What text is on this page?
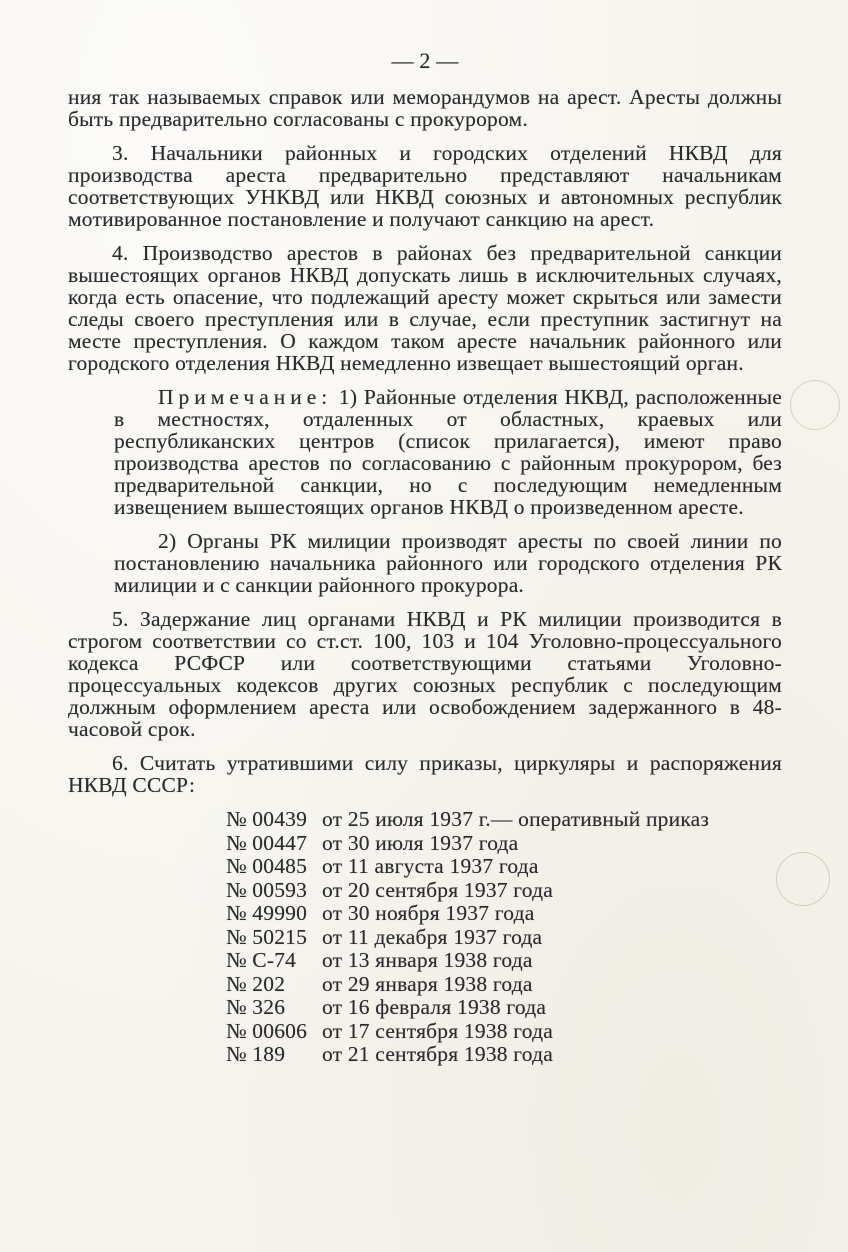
— 2 —

ния так называемых справок или меморандумов на арест. Аресты должны быть предварительно согласованы с прокурором.

3. Начальники районных и городских отделений НКВД для производства ареста предварительно представляют начальникам соответствующих УНКВД или НКВД союзных и автономных республик мотивированное постановление и получают санкцию на арест.

4. Производство арестов в районах без предварительной санкции вышестоящих органов НКВД допускать лишь в исключительных случаях, когда есть опасение, что подлежащий аресту может скрыться или замести следы своего преступления или в случае, если преступник застигнут на месте преступления. О каждом таком аресте начальник районного или городского отделения НКВД немедленно извещает вышестоящий орган.

Примечание: 1) Районные отделения НКВД, расположенные в местностях, отдаленных от областных, краевых или республиканских центров (список прилагается), имеют право производства арестов по согласованию с районным прокурором, без предварительной санкции, но с последующим немедленным извещением вышестоящих органов НКВД о произведенном аресте.

2) Органы РК милиции производят аресты по своей линии по постановлению начальника районного или городского отделения РК милиции и с санкции районного прокурора.

5. Задержание лиц органами НКВД и РК милиции производится в строгом соответствии со ст.ст. 100, 103 и 104 Уголовно-процессуального кодекса РСФСР или соответствующими статьями Уголовно-процессуальных кодексов других союзных республик с последующим должным оформлением ареста или освобождением задержанного в 48-часовой срок.

6. Считать утратившими силу приказы, циркуляры и распоряжения НКВД СССР:

№ 00439 от 25 июля 1937 г.— оперативный приказ
№ 00447 от 30 июля 1937 года
№ 00485 от 11 августа 1937 года
№ 00593 от 20 сентября 1937 года
№ 49990 от 30 ноября 1937 года
№ 50215 от 11 декабря 1937 года
№ С-74	от 13 января 1938 года
№ 202	от 29 января 1938 года
№ 326	от 16 февраля 1938 года
№ 00606 от 17 сентября 1938 года
№ 189	от 21 сентября 1938 года
